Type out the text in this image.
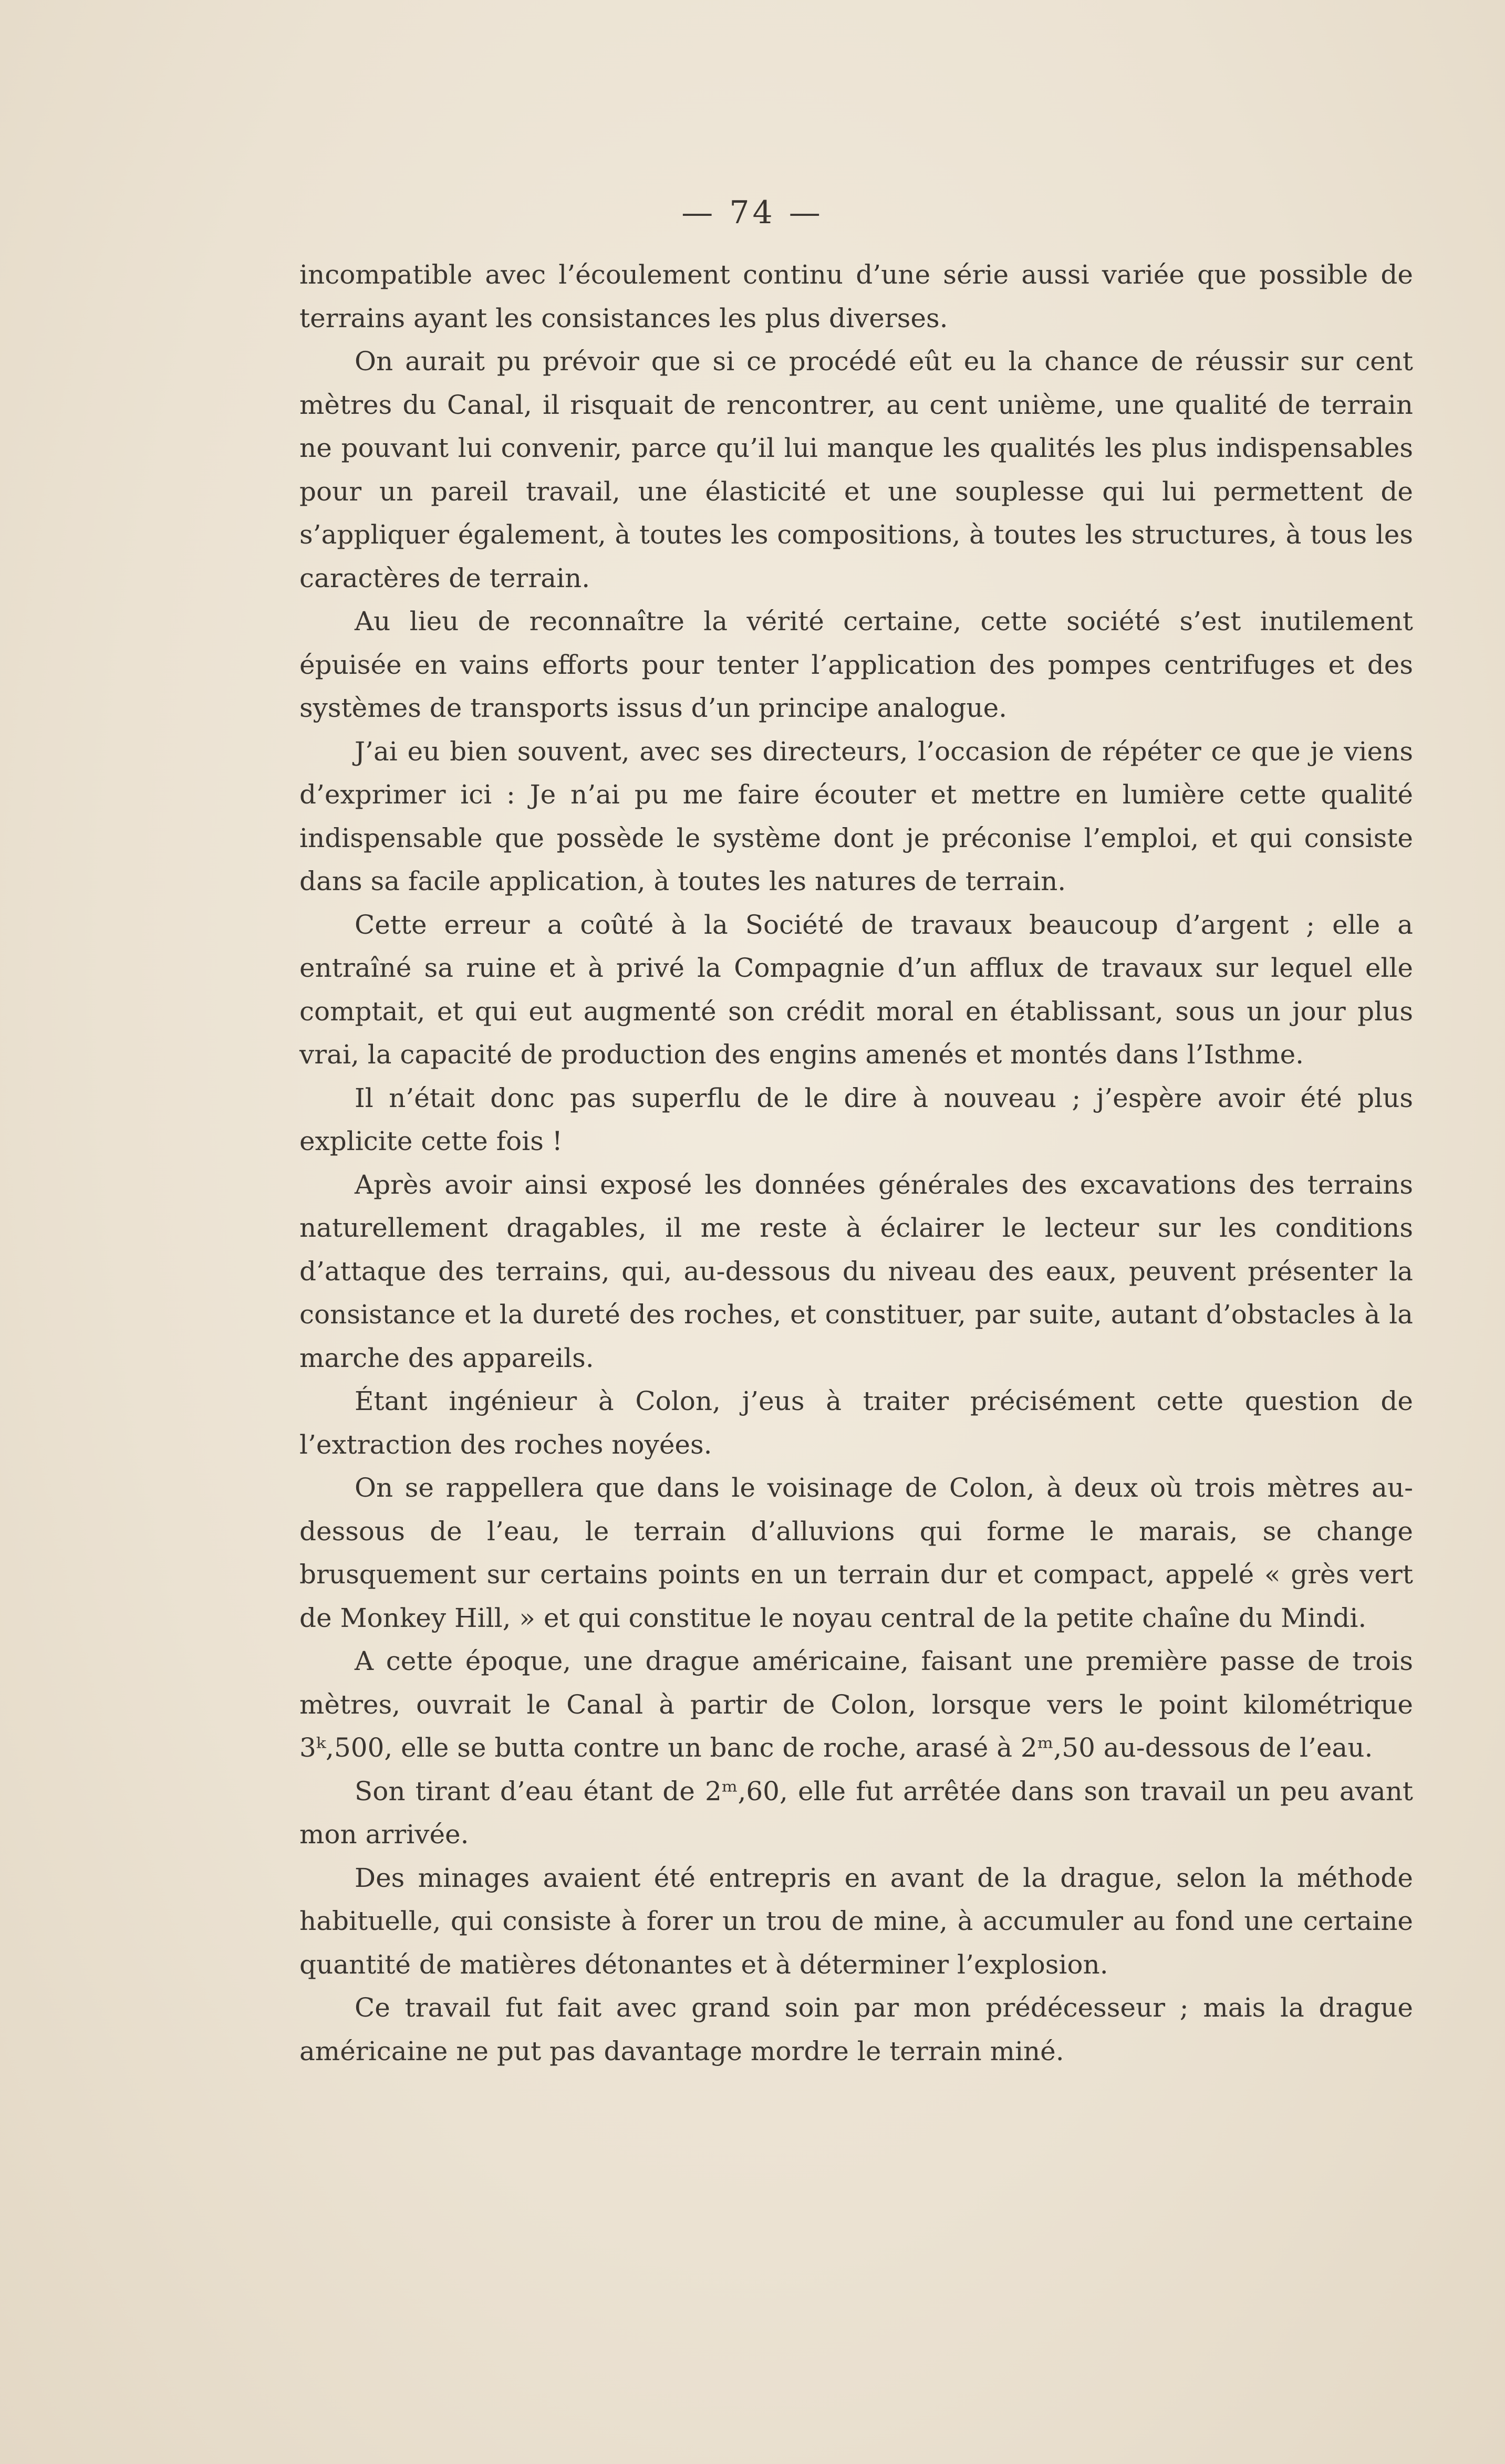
— 74 —

incompatible avec l’écoulement continu d’une série aussi variée que possible de terrains ayant les consistances les plus diverses.

On aurait pu prévoir que si ce procédé eût eu la chance de réussir sur cent mètres du Canal, il risquait de rencontrer, au cent unième, une qualité de terrain ne pouvant lui convenir, parce qu’il lui manque les qualités les plus indispensables pour un pareil travail, une élasticité et une souplesse qui lui permettent de s’appliquer également, à toutes les compositions, à toutes les structures, à tous les caractères de terrain.

Au lieu de reconnaître la vérité certaine, cette société s’est inutilement épuisée en vains efforts pour tenter l’application des pompes centrifuges et des systèmes de transports issus d’un principe analogue.

J’ai eu bien souvent, avec ses directeurs, l’occasion de répéter ce que je viens d’exprimer ici : Je n’ai pu me faire écouter et mettre en lumière cette qualité indispensable que possède le système dont je préconise l’emploi, et qui consiste dans sa facile application, à toutes les natures de terrain.

Cette erreur a coûté à la Société de travaux beaucoup d’argent ; elle a entraîné sa ruine et à privé la Compagnie d’un afflux de travaux sur lequel elle comptait, et qui eut augmenté son crédit moral en établissant, sous un jour plus vrai, la capacité de production des engins amenés et montés dans l’Isthme.

Il n’était donc pas superflu de le dire à nouveau ; j’espère avoir été plus explicite cette fois !

Après avoir ainsi exposé les données générales des excavations des terrains naturellement dragables, il me reste à éclairer le lecteur sur les conditions d’attaque des terrains, qui, au-dessous du niveau des eaux, peuvent présenter la consistance et la dureté des roches, et constituer, par suite, autant d’obstacles à la marche des appareils.

Étant ingénieur à Colon, j’eus à traiter précisément cette question de l’extraction des roches noyées.

On se rappellera que dans le voisinage de Colon, à deux où trois mètres au-dessous de l’eau, le terrain d’alluvions qui forme le marais, se change brusquement sur certains points en un terrain dur et compact, appelé « grès vert de Monkey Hill, » et qui constitue le noyau central de la petite chaîne du Mindi.

A cette époque, une drague américaine, faisant une première passe de trois mètres, ouvrait le Canal à partir de Colon, lorsque vers le point kilométrique 3ᵏ,500, elle se butta contre un banc de roche, arasé à 2ᵐ,50 au-dessous de l’eau.

Son tirant d’eau étant de 2ᵐ,60, elle fut arrêtée dans son travail un peu avant mon arrivée.

Des minages avaient été entrepris en avant de la drague, selon la méthode habituelle, qui consiste à forer un trou de mine, à accumuler au fond une certaine quantité de matières détonantes et à déterminer l’explosion.

Ce travail fut fait avec grand soin par mon prédécesseur ; mais la drague américaine ne put pas davantage mordre le terrain miné.
